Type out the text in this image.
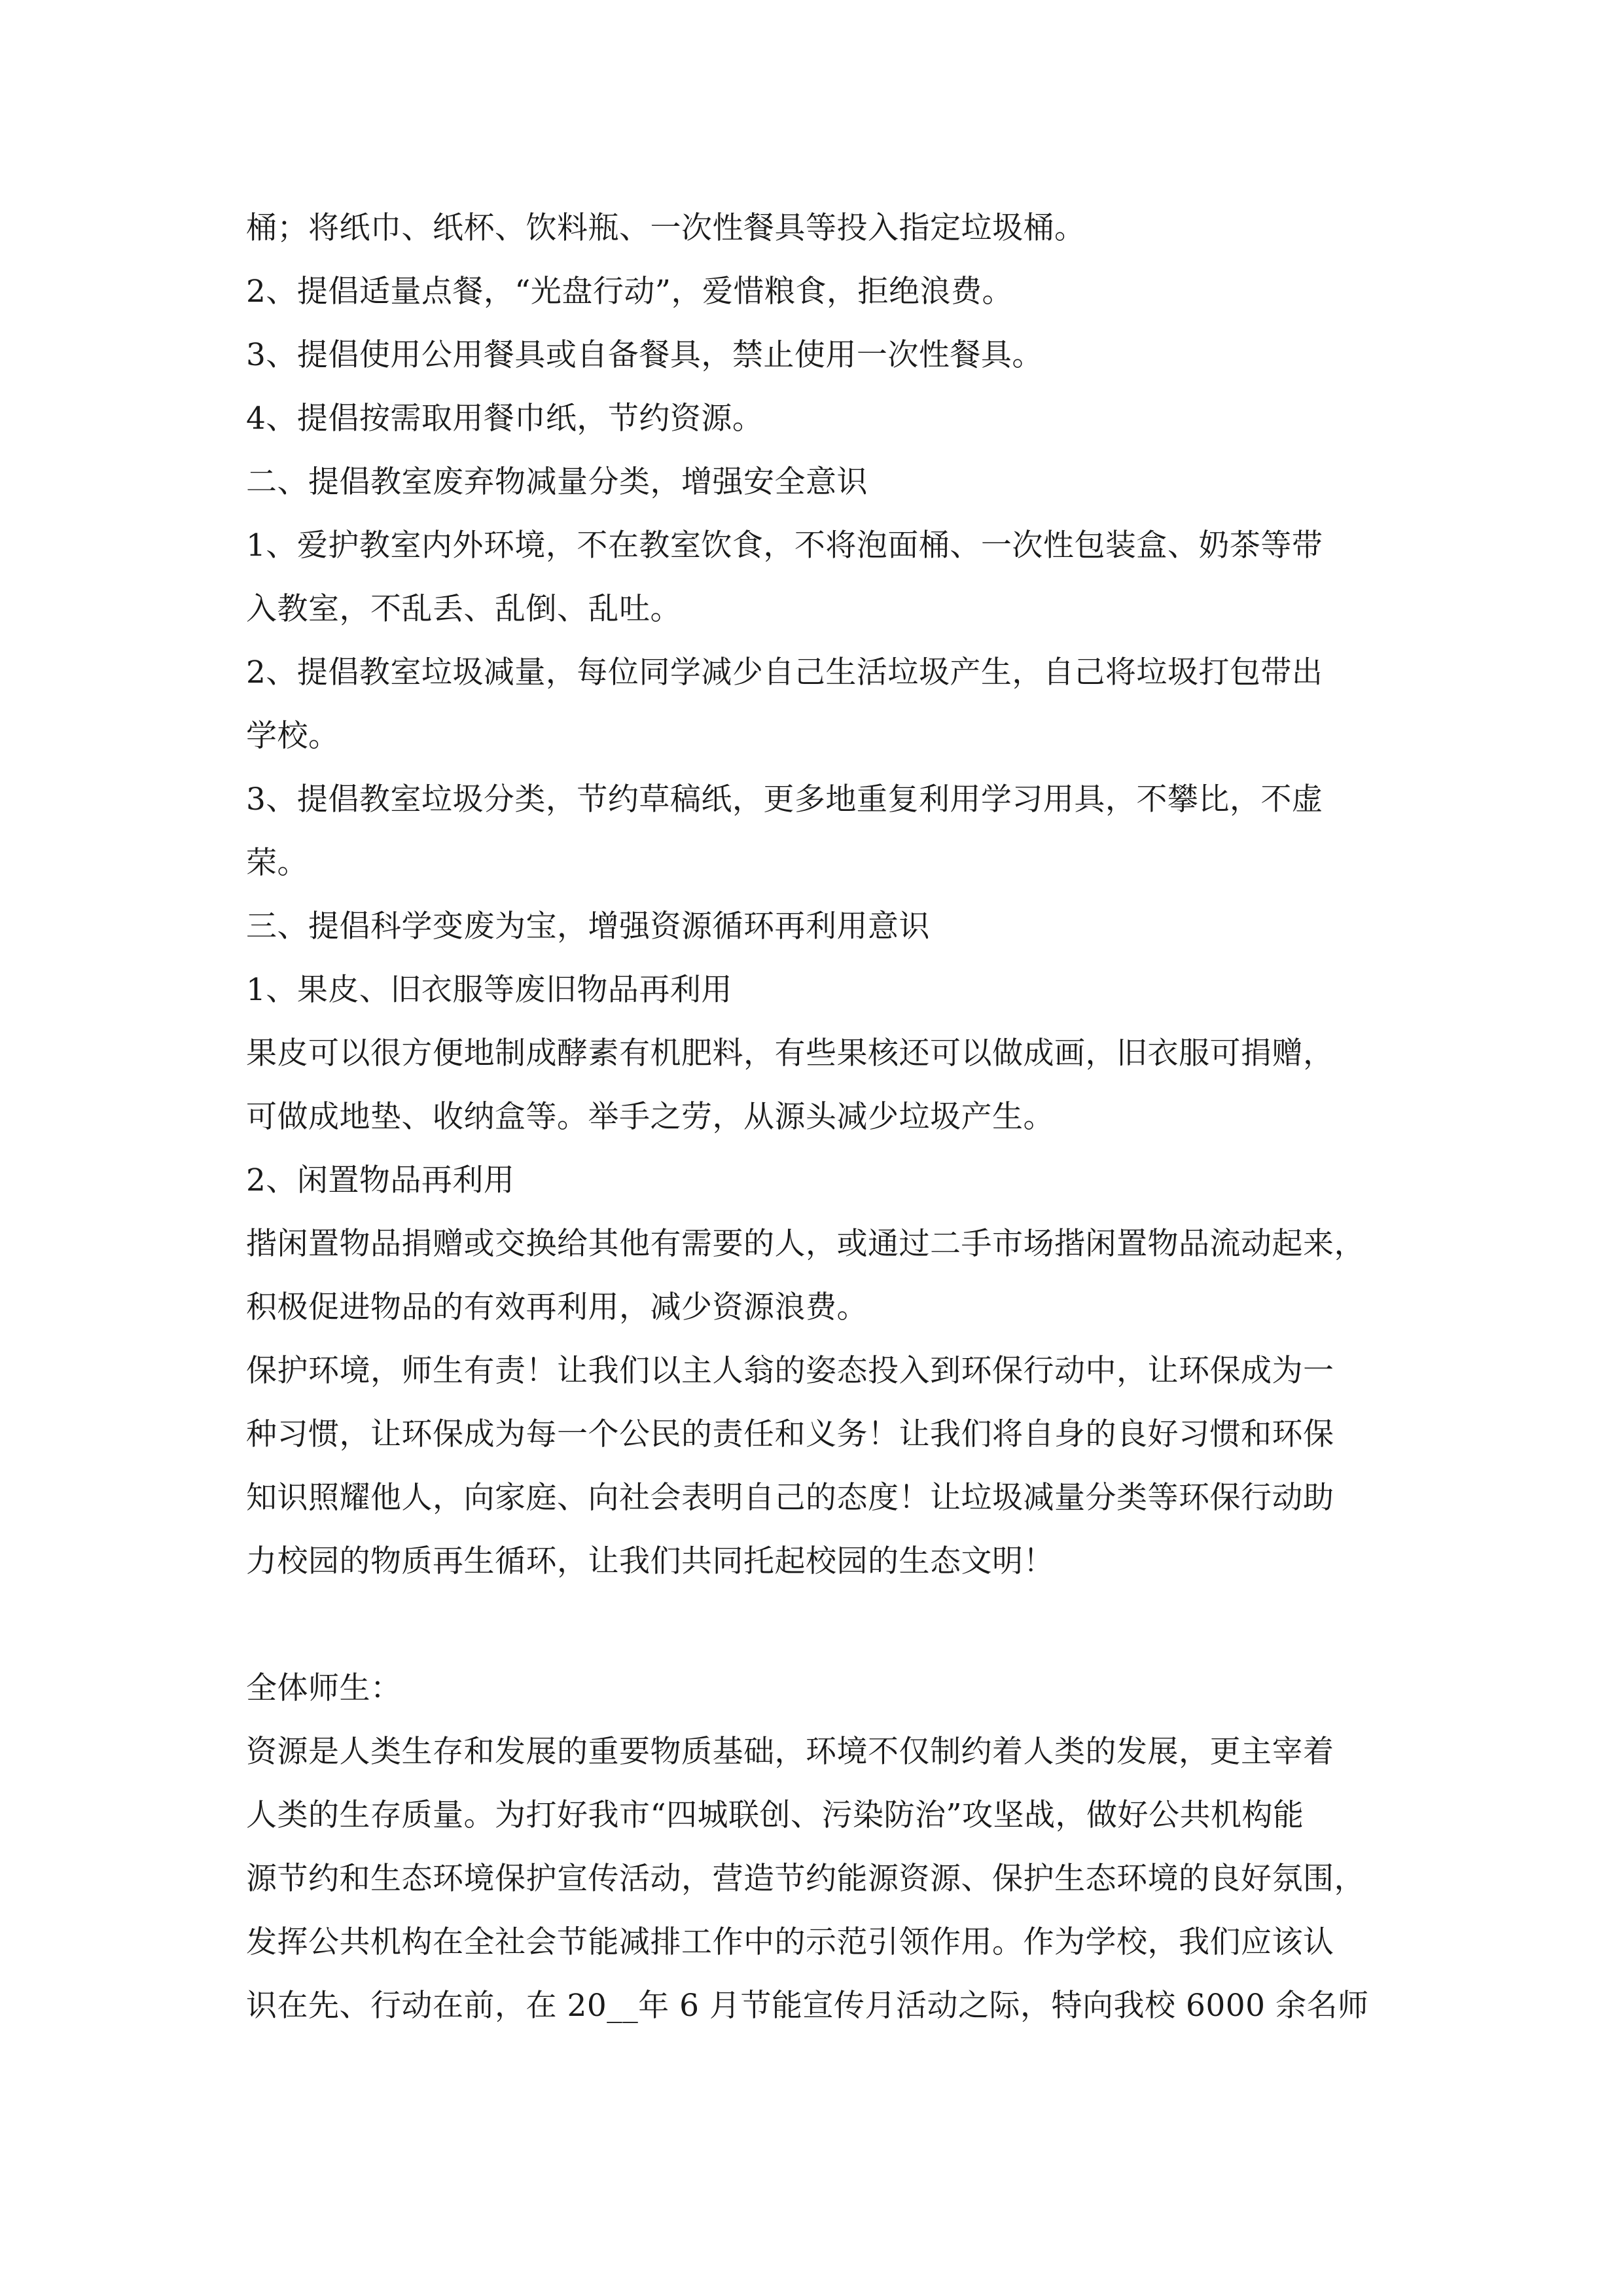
桶；将纸巾、纸杯、饮料瓶、一次性餐具等投入指定垃圾桶。
2、提倡适量点餐，“光盘行动”，爱惜粮食，拒绝浪费。
3、提倡使用公用餐具或自备餐具，禁止使用一次性餐具。
4、提倡按需取用餐巾纸，节约资源。
二、提倡教室废弃物减量分类，增强安全意识
1、爱护教室内外环境，不在教室饮食，不将泡面桶、一次性包装盒、奶茶等带
入教室，不乱丢、乱倒、乱吐。
2、提倡教室垃圾减量，每位同学减少自己生活垃圾产生，自己将垃圾打包带出
学校。
3、提倡教室垃圾分类，节约草稿纸，更多地重复利用学习用具，不攀比，不虚
荣。
三、提倡科学变废为宝，增强资源循环再利用意识
1、果皮、旧衣服等废旧物品再利用
果皮可以很方便地制成酵素有机肥料，有些果核还可以做成画，旧衣服可捐赠，
可做成地垫、收纳盒等。举手之劳，从源头减少垃圾产生。
2、闲置物品再利用
揩闲置物品捐赠或交换给其他有需要的人，或通过二手市场揩闲置物品流动起来，
积极促进物品的有效再利用，减少资源浪费。
保护环境，师生有责！让我们以主人翁的姿态投入到环保行动中，让环保成为一
种习惯，让环保成为每一个公民的责任和义务！让我们将自身的良好习惯和环保
知识照耀他人，向家庭、向社会表明自己的态度！让垃圾减量分类等环保行动助
力校园的物质再生循环，让我们共同托起校园的生态文明！
全体师生：
资源是人类生存和发展的重要物质基础，环境不仅制约着人类的发展，更主宰着
人类的生存质量。为打好我市“四城联创、污染防治”攻坚战，做好公共机构能
源节约和生态环境保护宣传活动，营造节约能源资源、保护生态环境的良好氛围，
发挥公共机构在全社会节能减排工作中的示范引领作用。作为学校，我们应该认
识在先、行动在前，在 20__年 6 月节能宣传月活动之际，特向我校 6000 余名师
